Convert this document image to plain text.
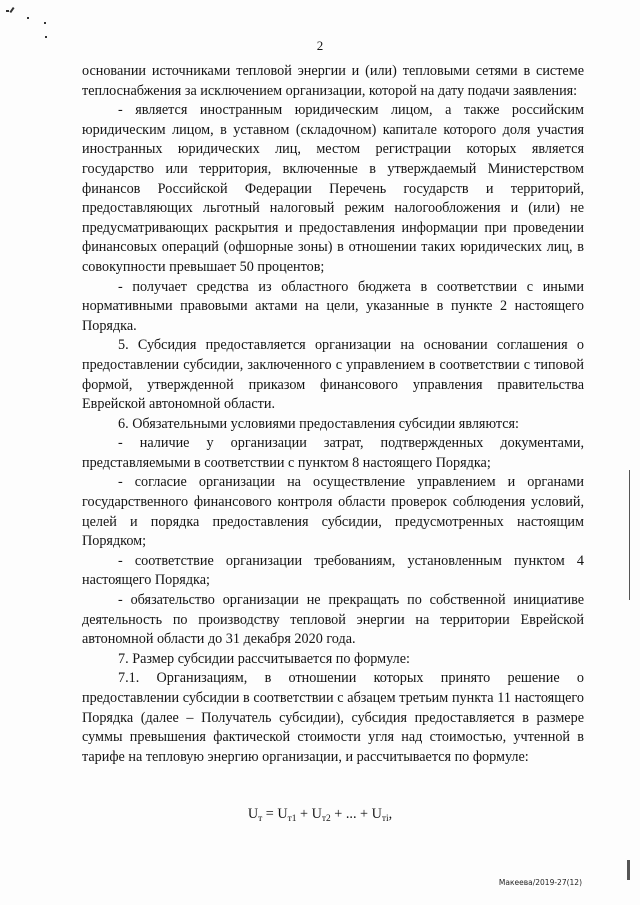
2

основании источниками тепловой энергии и (или) тепловыми сетями в системе теплоснабжения за исключением организации, которой на дату подачи заявления:

- является иностранным юридическим лицом, а также российским юридическим лицом, в уставном (складочном) капитале которого доля участия иностранных юридических лиц, местом регистрации которых является государство или территория, включенные в утверждаемый Министерством финансов Российской Федерации Перечень государств и территорий, предоставляющих льготный налоговый режим налогообложения и (или) не предусматривающих раскрытия и предоставления информации при проведении финансовых операций (офшорные зоны) в отношении таких юридических лиц, в совокупности превышает 50 процентов;

- получает средства из областного бюджета в соответствии с иными нормативными правовыми актами на цели, указанные в пункте 2 настоящего Порядка.

5. Субсидия предоставляется организации на основании соглашения о предоставлении субсидии, заключенного с управлением в соответствии с типовой формой, утвержденной приказом финансового управления правительства Еврейской автономной области.

6. Обязательными условиями предоставления субсидии являются:

- наличие у организации затрат, подтвержденных документами, представляемыми в соответствии с пунктом 8 настоящего Порядка;

- согласие организации на осуществление управлением и органами государственного финансового контроля области проверок соблюдения условий, целей и порядка предоставления субсидии, предусмотренных настоящим Порядком;

- соответствие организации требованиям, установленным пунктом 4 настоящего Порядка;

- обязательство организации не прекращать по собственной инициативе деятельность по производству тепловой энергии на территории Еврейской автономной области до 31 декабря 2020 года.

7. Размер субсидии рассчитывается по формуле:

7.1. Организациям, в отношении которых принято решение о предоставлении субсидии в соответствии с абзацем третьим пункта 11 настоящего Порядка (далее – Получатель субсидии), субсидия предоставляется в размере суммы превышения фактической стоимости угля над стоимостью, учтенной в тарифе на тепловую энергию организации, и рассчитывается по формуле:

$U_т = U_{т1} + U_{т2}$ + ... + $U_{тi}$,
Макеева/2019-27(12)
